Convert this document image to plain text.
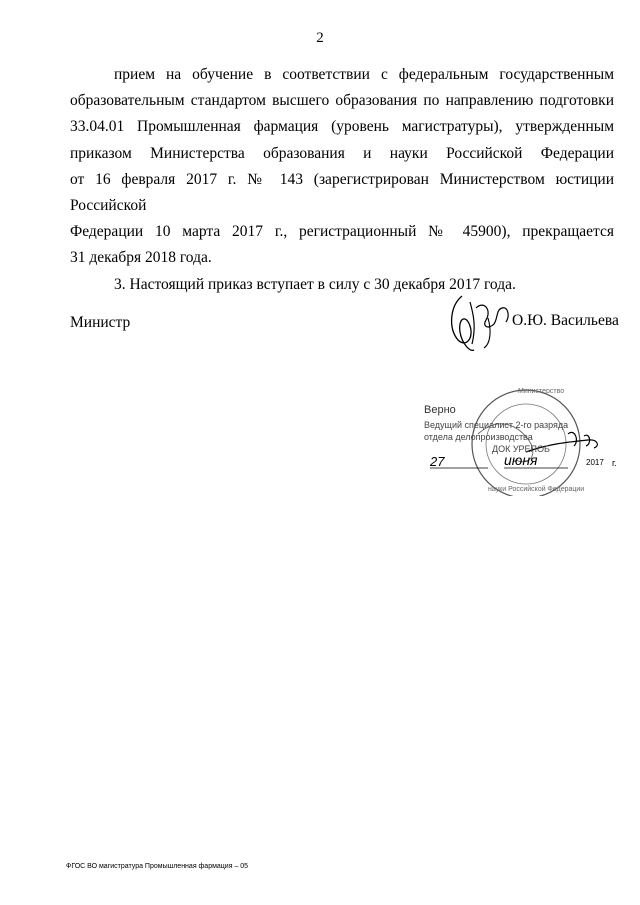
2
прием на обучение в соответствии с федеральным государственным
образовательным стандартом высшего образования по направлению подготовки
33.04.01 Промышленная фармация (уровень магистратуры), утвержденным
приказом Министерства образования и науки Российской Федерации
от 16 февраля 2017 г. № 143 (зарегистрирован Министерством юстиции Российской
Федерации 10 марта 2017 г., регистрационный № 45900), прекращается
31 декабря 2018 года.
3. Настоящий приказ вступает в силу с 30 декабря 2017 года.
Министр	О.Ю. Васильева
Верно
Ведущий специалист 2-го разряда
отдела делопроизводства
ДОК УРЕПОБ
27	июня	2017 г.
Министерство
науки Российской Федерации
ФГОС ВО магистратура Промышленная фармация – 05
